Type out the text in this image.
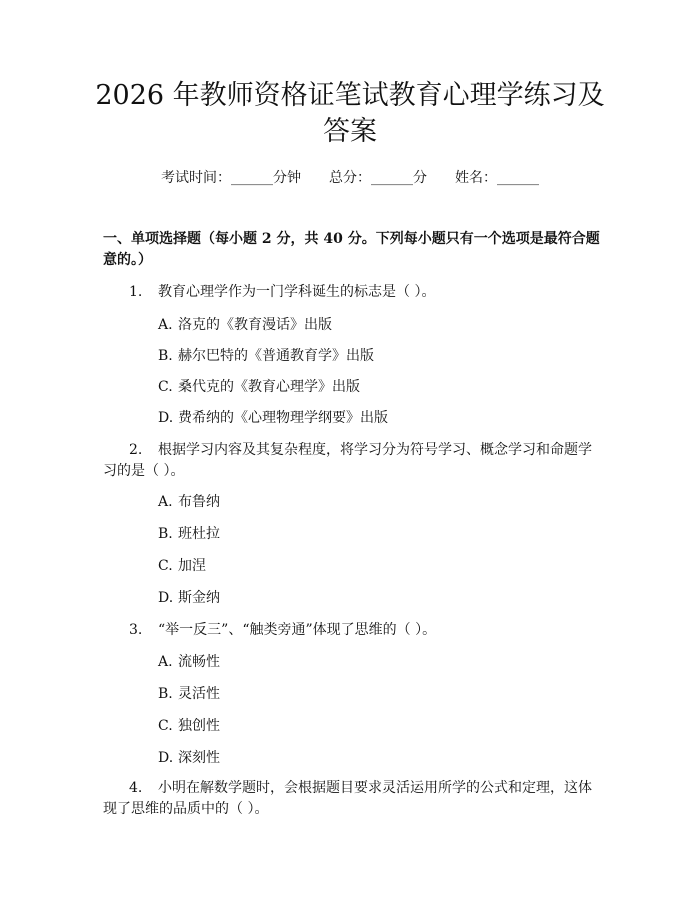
2026 年教师资格证笔试教育心理学练习及答案
考试时间：______分钟 总分：______分 姓名：______

一、单项选择题（每小题 2 分，共 40 分。下列每小题只有一个选项是最符合题意的。）

1. 教育心理学作为一门学科诞生的标志是（ ）。

A. 洛克的《教育漫话》出版

B. 赫尔巴特的《普通教育学》出版

C. 桑代克的《教育心理学》出版

D. 费希纳的《心理物理学纲要》出版

2. 根据学习内容及其复杂程度，将学习分为符号学习、概念学习和命题学习的是（ ）。

A. 布鲁纳

B. 班杜拉

C. 加涅

D. 斯金纳

3. “举一反三”、“触类旁通”体现了思维的（ ）。

A. 流畅性

B. 灵活性

C. 独创性

D. 深刻性

4. 小明在解数学题时，会根据题目要求灵活运用所学的公式和定理，这体现了思维的品质中的（ ）。
